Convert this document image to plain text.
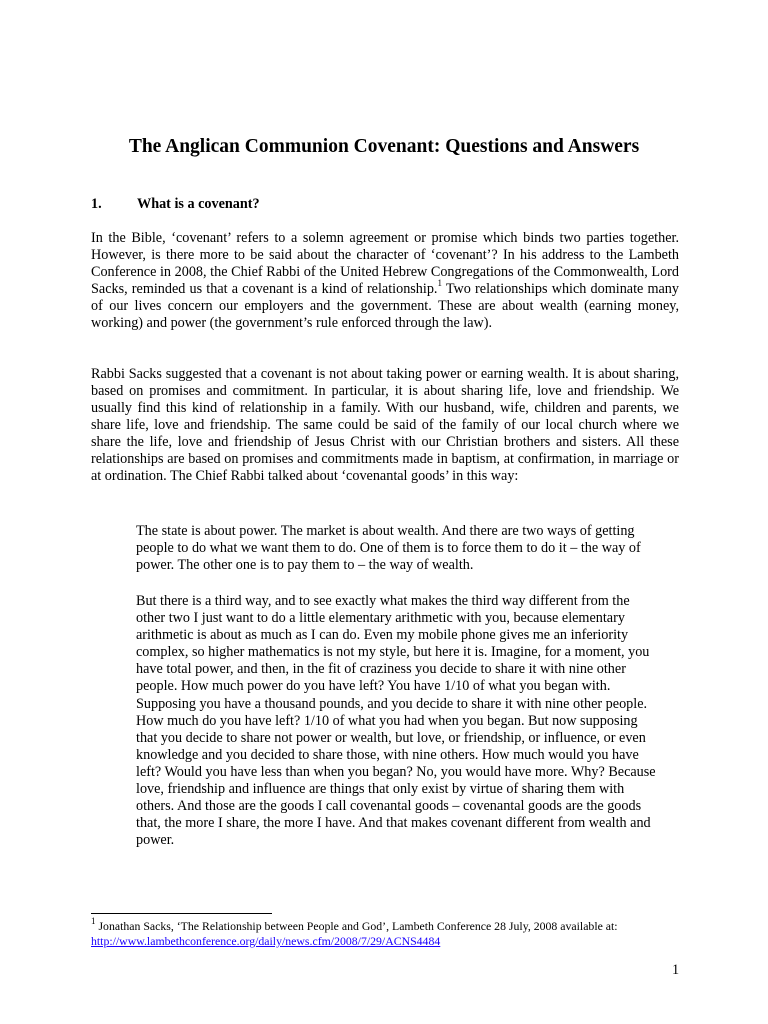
The Anglican Communion Covenant: Questions and Answers
1. What is a covenant?

In the Bible, ‘covenant’ refers to a solemn agreement or promise which binds two parties together. However, is there more to be said about the character of ‘covenant’? In his address to the Lambeth Conference in 2008, the Chief Rabbi of the United Hebrew Congregations of the Commonwealth, Lord Sacks, reminded us that a covenant is a kind of relationship.$^1$ Two relationships which dominate many of our lives concern our employers and the government. These are about wealth (earning money, working) and power (the government’s rule enforced through the law).

Rabbi Sacks suggested that a covenant is not about taking power or earning wealth. It is about sharing, based on promises and commitment. In particular, it is about sharing life, love and friendship. We usually find this kind of relationship in a family. With our husband, wife, children and parents, we share life, love and friendship. The same could be said of the family of our local church where we share the life, love and friendship of Jesus Christ with our Christian brothers and sisters. All these relationships are based on promises and commitments made in baptism, at confirmation, in marriage or at ordination. The Chief Rabbi talked about ‘covenantal goods’ in this way:

The state is about power. The market is about wealth. And there are two ways of getting people to do what we want them to do. One of them is to force them to do it – the way of power. The other one is to pay them to – the way of wealth.

But there is a third way, and to see exactly what makes the third way different from the other two I just want to do a little elementary arithmetic with you, because elementary arithmetic is about as much as I can do. Even my mobile phone gives me an inferiority complex, so higher mathematics is not my style, but here it is. Imagine, for a moment, you have total power, and then, in the fit of craziness you decide to share it with nine other people. How much power do you have left? You have 1/10 of what you began with. Supposing you have a thousand pounds, and you decide to share it with nine other people. How much do you have left? 1/10 of what you had when you began. But now supposing that you decide to share not power or wealth, but love, or friendship, or influence, or even knowledge and you decided to share those, with nine others. How much would you have left? Would you have less than when you began? No, you would have more. Why? Because love, friendship and influence are things that only exist by virtue of sharing them with others. And those are the goods I call covenantal goods – covenantal goods are the goods that, the more I share, the more I have. And that makes covenant different from wealth and power.

$^1$ Jonathan Sacks, ‘The Relationship between People and God’, Lambeth Conference 28 July, 2008 available at:
http://www.lambethconference.org/daily/news.cfm/2008/7/29/ACNS4484

1
